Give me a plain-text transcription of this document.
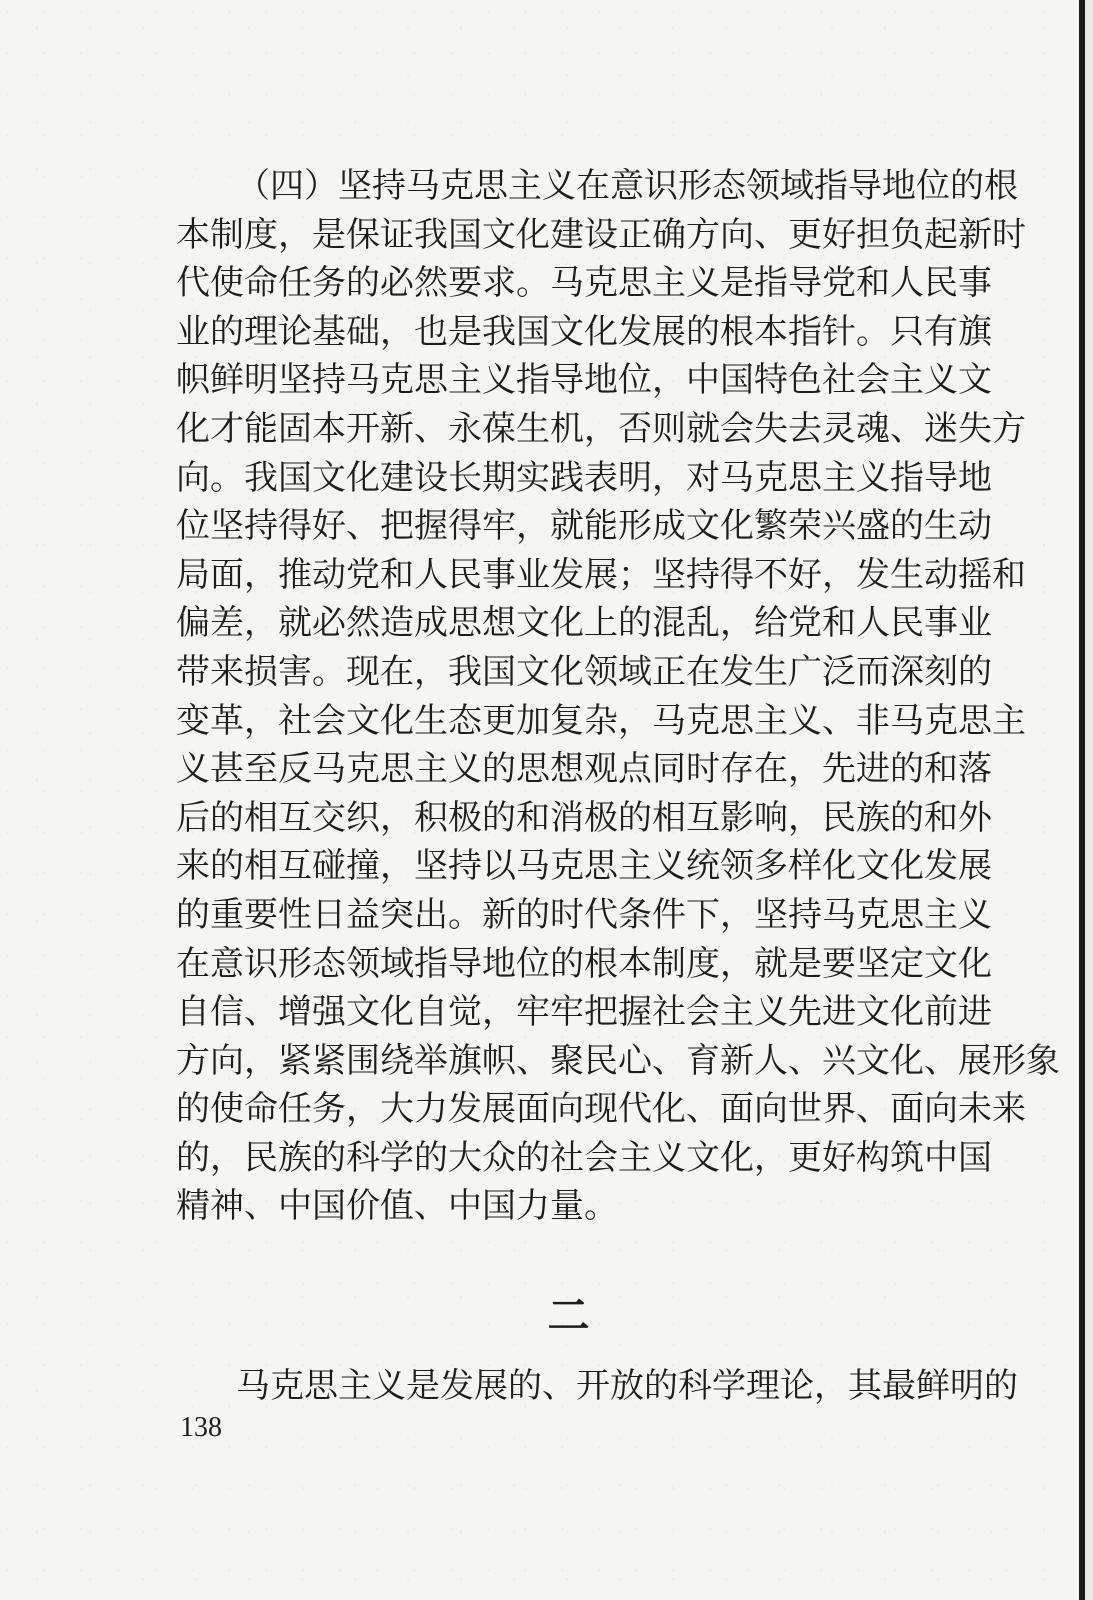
（四）坚持马克思主义在意识形态领域指导地位的根
本制度，是保证我国文化建设正确方向、更好担负起新时
代使命任务的必然要求。马克思主义是指导党和人民事
业的理论基础，也是我国文化发展的根本指针。只有旗
帜鲜明坚持马克思主义指导地位，中国特色社会主义文
化才能固本开新、永葆生机，否则就会失去灵魂、迷失方
向。我国文化建设长期实践表明，对马克思主义指导地
位坚持得好、把握得牢，就能形成文化繁荣兴盛的生动
局面，推动党和人民事业发展；坚持得不好，发生动摇和
偏差，就必然造成思想文化上的混乱，给党和人民事业
带来损害。现在，我国文化领域正在发生广泛而深刻的
变革，社会文化生态更加复杂，马克思主义、非马克思主
义甚至反马克思主义的思想观点同时存在，先进的和落
后的相互交织，积极的和消极的相互影响，民族的和外
来的相互碰撞，坚持以马克思主义统领多样化文化发展
的重要性日益突出。新的时代条件下，坚持马克思主义
在意识形态领域指导地位的根本制度，就是要坚定文化
自信、增强文化自觉，牢牢把握社会主义先进文化前进
方向，紧紧围绕举旗帜、聚民心、育新人、兴文化、展形象
的使命任务，大力发展面向现代化、面向世界、面向未来
的，民族的科学的大众的社会主义文化，更好构筑中国
精神、中国价值、中国力量。
二
马克思主义是发展的、开放的科学理论，其最鲜明的
138
